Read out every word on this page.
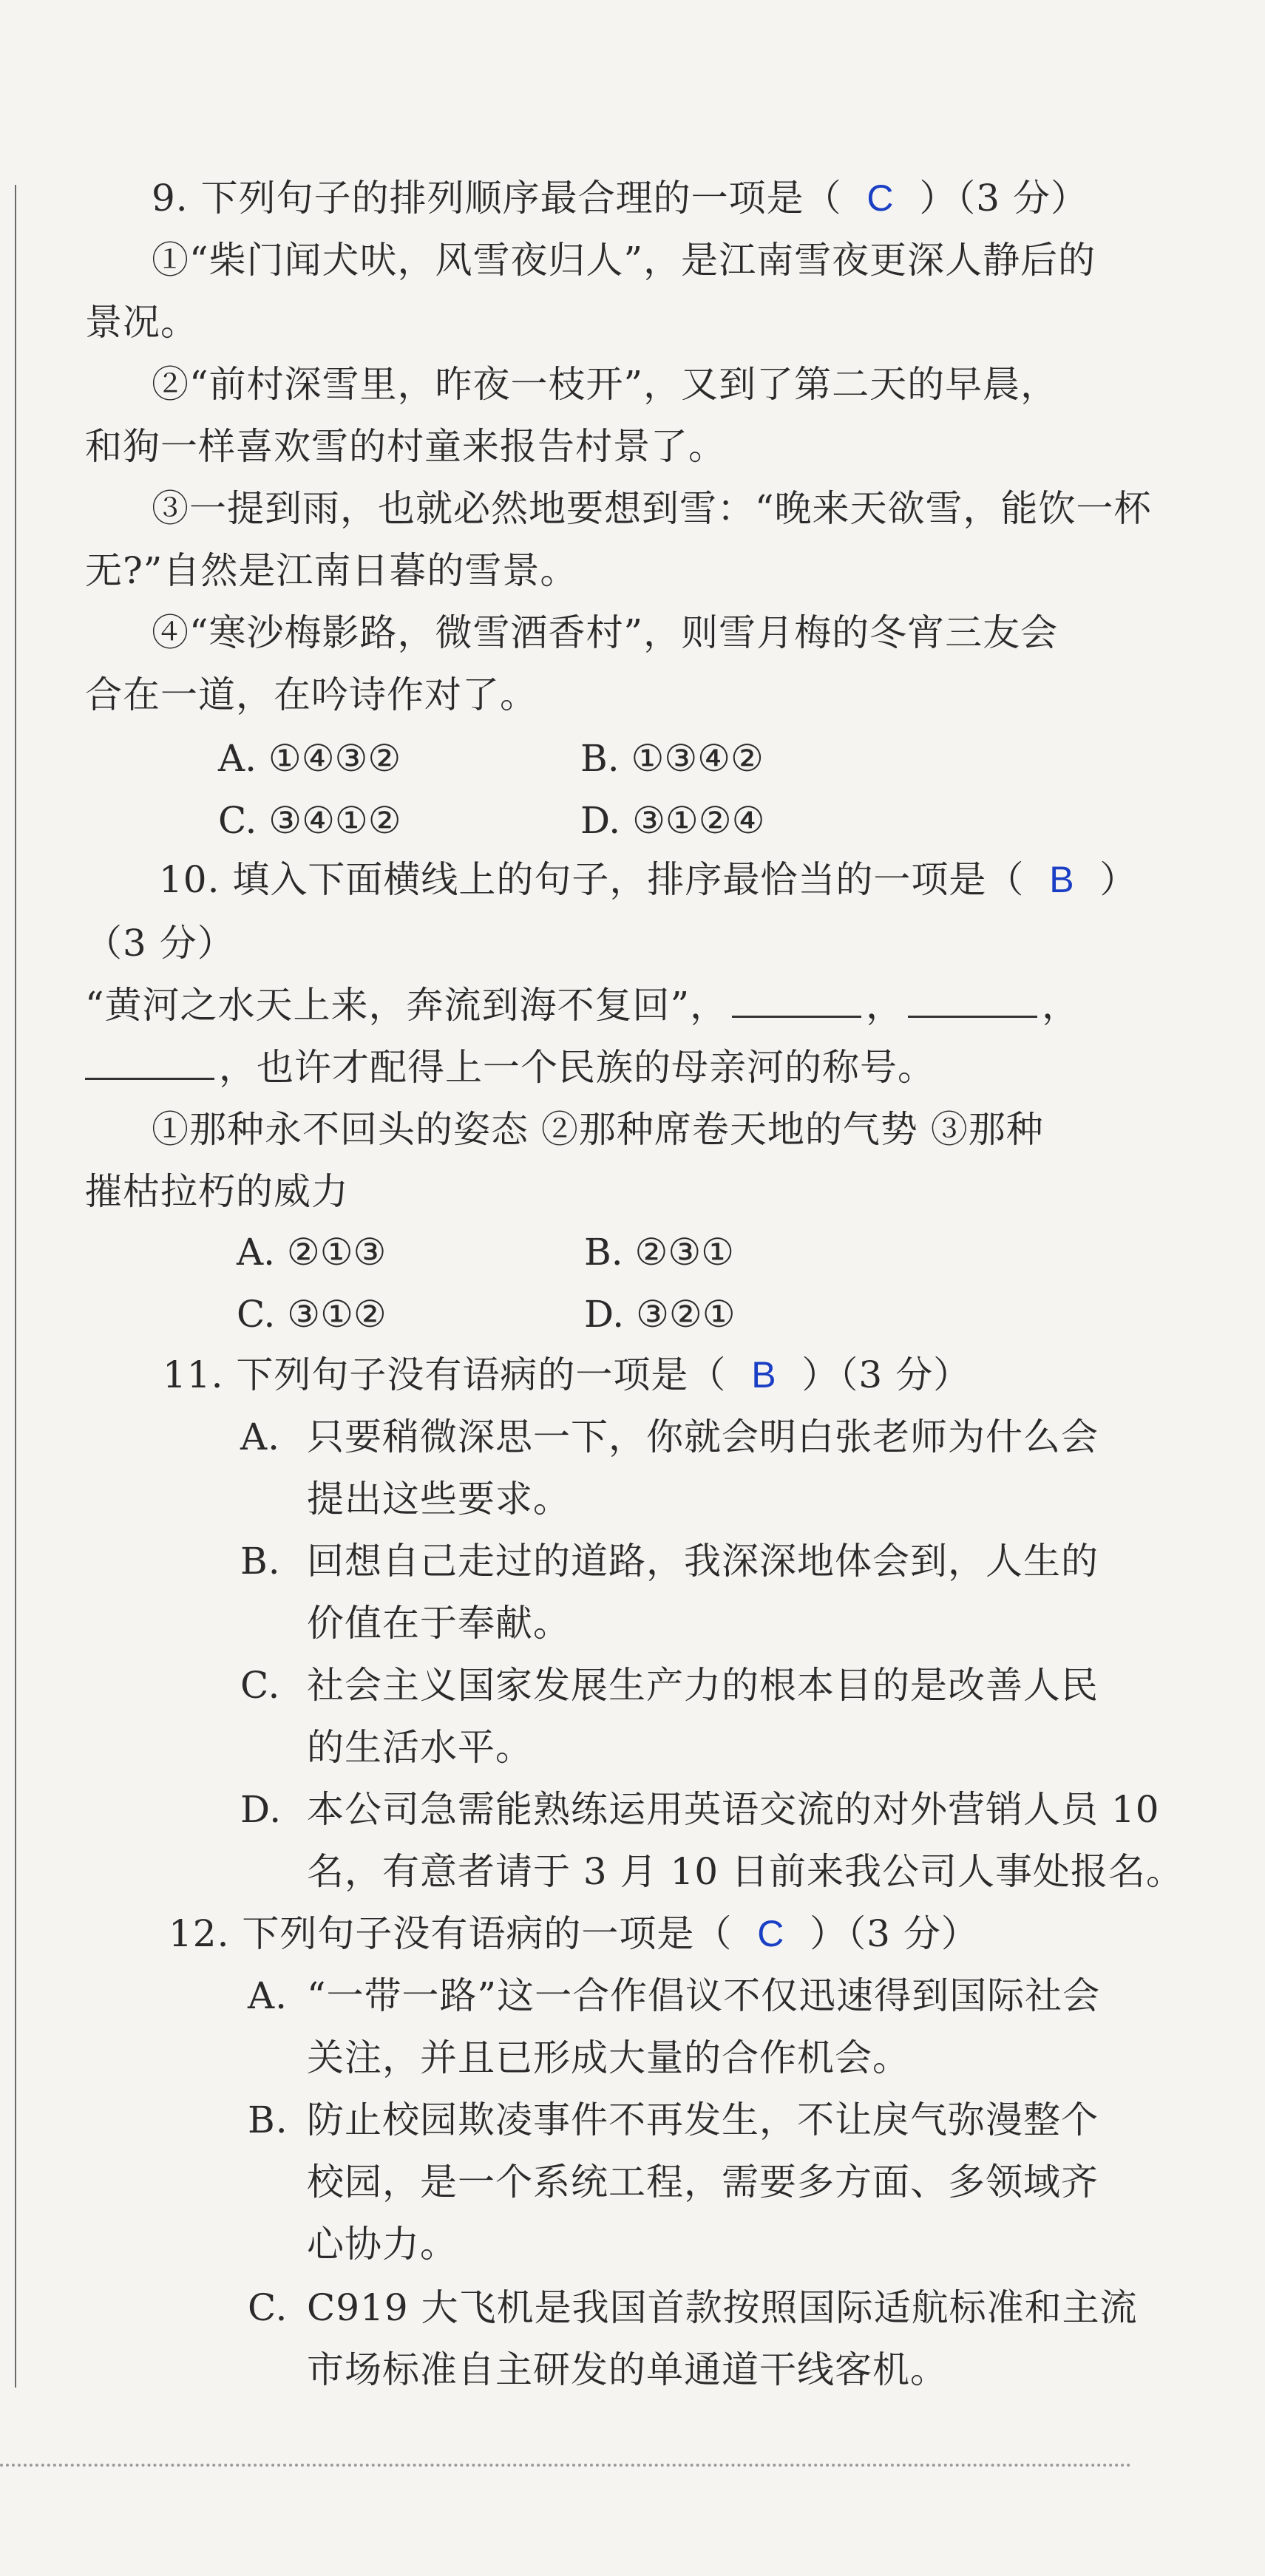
9. 下列句子的排列顺序最合理的一项是（ C ）（3 分）
①“柴门闻犬吠，风雪夜归人”，是江南雪夜更深人静后的
景况。
②“前村深雪里，昨夜一枝开”，又到了第二天的早晨，
和狗一样喜欢雪的村童来报告村景了。
③一提到雨，也就必然地要想到雪：“晚来天欲雪，能饮一杯
无?”自然是江南日暮的雪景。
④“寒沙梅影路，微雪酒香村”，则雪月梅的冬宵三友会
合在一道，在吟诗作对了。
A. ①④③②	B. ①③④②
C. ③④①②	D. ③①②④
10. 填入下面横线上的句子，排序最恰当的一项是（ B ）
（3 分）
“黄河之水天上来，奔流到海不复回”，	，	，
，也许才配得上一个民族的母亲河的称号。
①那种永不回头的姿态 ②那种席卷天地的气势 ③那种
摧枯拉朽的威力
A. ②①③	B. ②③①
C. ③①②	D. ③②①
11. 下列句子没有语病的一项是（ B ）（3 分）
A. 只要稍微深思一下，你就会明白张老师为什么会
提出这些要求。
B. 回想自己走过的道路，我深深地体会到，人生的
价值在于奉献。
C. 社会主义国家发展生产力的根本目的是改善人民
的生活水平。
D. 本公司急需能熟练运用英语交流的对外营销人员 10
名，有意者请于 3 月 10 日前来我公司人事处报名。
12. 下列句子没有语病的一项是（ C ）（3 分）
A. “一带一路”这一合作倡议不仅迅速得到国际社会
关注，并且已形成大量的合作机会。
B. 防止校园欺凌事件不再发生，不让戾气弥漫整个
校园，是一个系统工程，需要多方面、多领域齐
心协力。
C. C919 大飞机是我国首款按照国际适航标准和主流
市场标准自主研发的单通道干线客机。
